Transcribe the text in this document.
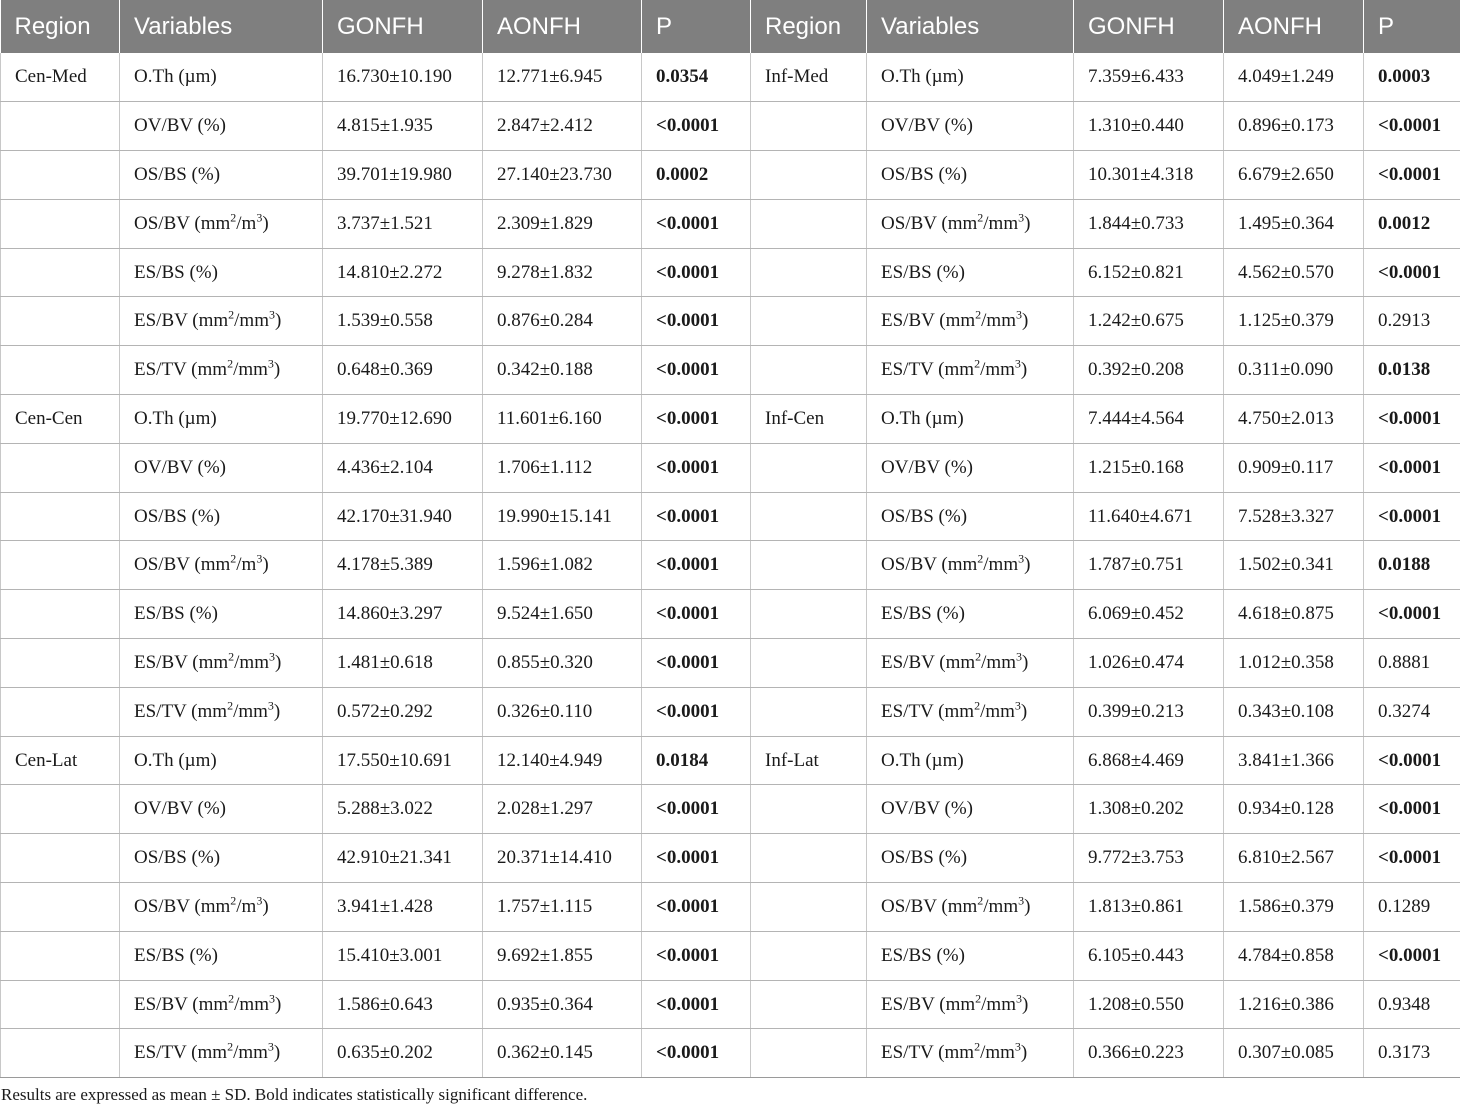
Region	Variables	GONFH	AONFH	P	Region	Variables	GONFH	AONFH	P
Cen-Med	O.Th (µm)	16.730±10.190	12.771±6.945	0.0354	Inf-Med	O.Th (µm)	7.359±6.433	4.049±1.249	0.0003
	OV/BV (%)	4.815±1.935	2.847±2.412	<0.0001		OV/BV (%)	1.310±0.440	0.896±0.173	<0.0001
	OS/BS (%)	39.701±19.980	27.140±23.730	0.0002		OS/BS (%)	10.301±4.318	6.679±2.650	<0.0001
	OS/BV $(mm^2/m^3)$	3.737±1.521	2.309±1.829	<0.0001		OS/BV $(mm^2/mm^3)$	1.844±0.733	1.495±0.364	0.0012
	ES/BS (%)	14.810±2.272	9.278±1.832	<0.0001		ES/BS (%)	6.152±0.821	4.562±0.570	<0.0001
	ES/BV $(mm^2/mm^3)$	1.539±0.558	0.876±0.284	<0.0001		ES/BV $(mm^2/mm^3)$	1.242±0.675	1.125±0.379	0.2913
	ES/TV $(mm^2/mm^3)$	0.648±0.369	0.342±0.188	<0.0001		ES/TV $(mm^2/mm^3)$	0.392±0.208	0.311±0.090	0.0138
Cen-Cen	O.Th (µm)	19.770±12.690	11.601±6.160	<0.0001	Inf-Cen	O.Th (µm)	7.444±4.564	4.750±2.013	<0.0001
	OV/BV (%)	4.436±2.104	1.706±1.112	<0.0001		OV/BV (%)	1.215±0.168	0.909±0.117	<0.0001
	OS/BS (%)	42.170±31.940	19.990±15.141	<0.0001		OS/BS (%)	11.640±4.671	7.528±3.327	<0.0001
	OS/BV $(mm^2/m^3)$	4.178±5.389	1.596±1.082	<0.0001		OS/BV $(mm^2/mm^3)$	1.787±0.751	1.502±0.341	0.0188
	ES/BS (%)	14.860±3.297	9.524±1.650	<0.0001		ES/BS (%)	6.069±0.452	4.618±0.875	<0.0001
	ES/BV $(mm^2/mm^3)$	1.481±0.618	0.855±0.320	<0.0001		ES/BV $(mm^2/mm^3)$	1.026±0.474	1.012±0.358	0.8881
	ES/TV $(mm^2/mm^3)$	0.572±0.292	0.326±0.110	<0.0001		ES/TV $(mm^2/mm^3)$	0.399±0.213	0.343±0.108	0.3274
Cen-Lat	O.Th (µm)	17.550±10.691	12.140±4.949	0.0184	Inf-Lat	O.Th (µm)	6.868±4.469	3.841±1.366	<0.0001
	OV/BV (%)	5.288±3.022	2.028±1.297	<0.0001		OV/BV (%)	1.308±0.202	0.934±0.128	<0.0001
	OS/BS (%)	42.910±21.341	20.371±14.410	<0.0001		OS/BS (%)	9.772±3.753	6.810±2.567	<0.0001
	OS/BV $(mm^2/m^3)$	3.941±1.428	1.757±1.115	<0.0001		OS/BV $(mm^2/mm^3)$	1.813±0.861	1.586±0.379	0.1289
	ES/BS (%)	15.410±3.001	9.692±1.855	<0.0001		ES/BS (%)	6.105±0.443	4.784±0.858	<0.0001
	ES/BV $(mm^2/mm^3)$	1.586±0.643	0.935±0.364	<0.0001		ES/BV $(mm^2/mm^3)$	1.208±0.550	1.216±0.386	0.9348
	ES/TV $(mm^2/mm^3)$	0.635±0.202	0.362±0.145	<0.0001		ES/TV $(mm^2/mm^3)$	0.366±0.223	0.307±0.085	0.3173
Results are expressed as mean ± SD. Bold indicates statistically significant difference.
